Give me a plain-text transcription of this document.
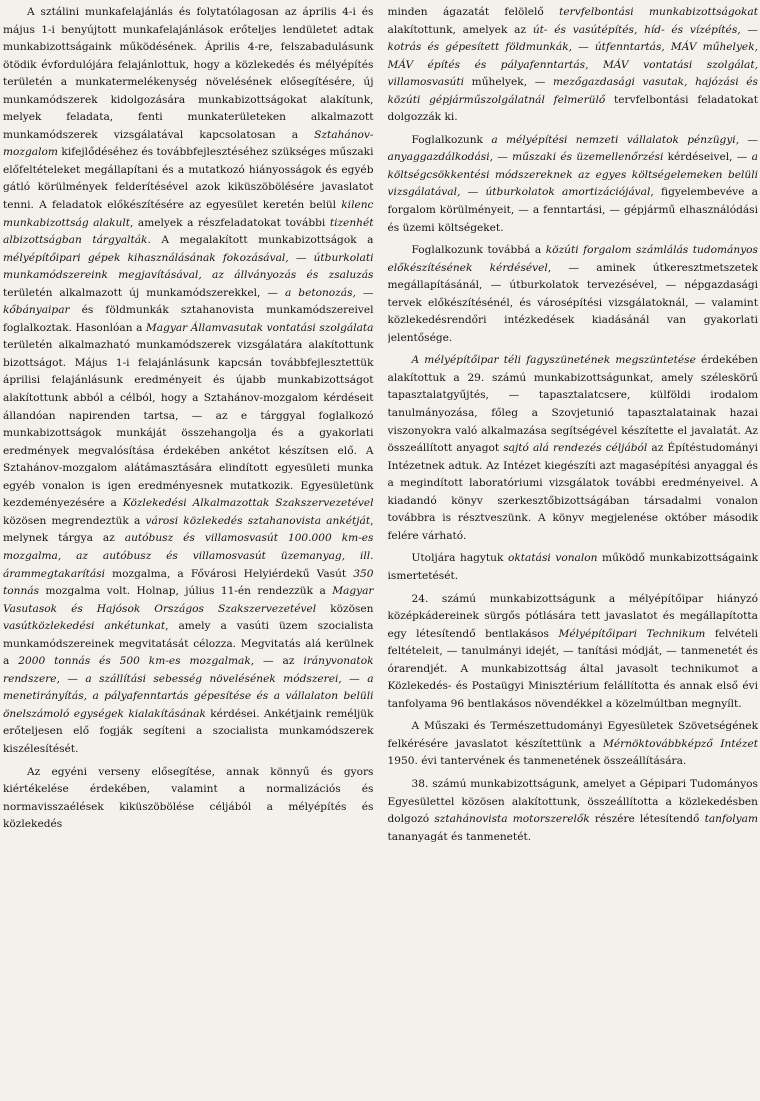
A sztálini munkafelajánlás és folytatólagosan az április 4-i és május 1-i benyújtott munkafelajánlások erőteljes lendületet adtak munkabizottságaink működésének. Április 4-re, felszabadulásunk ötödik évfordulójára felajánlottuk, hogy a közlekedés és mélyépítés területén a munkatermelékenység növelésének elősegítésére, új munkamódszerek kidolgozására munkabizottságokat alakítunk, melyek feladata, fenti munkaterületeken alkalmazott munkamódszerek vizsgálatával kapcsolatosan a Sztahánov-mozgalom kifejlődéséhez és továbbfejlesztéséhez szükséges műszaki előfeltételeket megállapítani és a mutatkozó hiányosságok és egyéb gátló körülmények felderítésével azok kiküszöbölésére javaslatot tenni. A feladatok előkészítésére az egyesület keretén belül kilenc munkabizottság alakult, amelyek a részfeladatokat további tizenhét albizottságban tárgyalták. A megalakított munkabizottságok a mélyépítőipari gépek kihasználásának fokozásával, — útburkolati munkamódszereink megjavításával, az állványozás és zsaluzás területén alkalmazott új munkamódszerekkel, — a betonozás, — kőbányaipar és földmunkák sztahanovista munkamódszereivel foglalkoztak. Hasonlóan a Magyar Államvasutak vontatási szolgálata területén alkalmazható munkamódszerek vizsgálatára alakítottunk bizottságot. Május 1-i felajánlásunk kapcsán továbbfejlesztettük áprilisi felajánlásunk eredményeit és újabb munkabizottságot alakítottunk abból a célból, hogy a Sztahánov-mozgalom kérdéseit állandóan napirenden tartsa, — az e tárggyal foglalkozó munkabizottságok munkáját összehangolja és a gyakorlati eredmények megvalósítása érdekében ankétot készítsen elő. A Sztahánov-mozgalom alátámasztására elindított egyesületi munka egyéb vonalon is igen eredményesnek mutatkozik. Egyesületünk kezdeményezésére a Közlekedési Alkalmazottak Szakszervezetével közösen megrendeztük a városi közlekedés sztahanovista ankétját, melynek tárgya az autóbusz és villamosvasút 100.000 km-es mozgalma, az autóbusz és villamosvasút üzemanyag, ill. árammegtakarítási mozgalma, a Fővárosi Helyiérdekű Vasút 350 tonnás mozgalma volt. Holnap, július 11-én rendezzük a Magyar Vasutasok és Hajósok Országos Szakszervezetével közösen vasútközlekedési ankétunkat, amely a vasúti üzem szocialista munkamódszereinek megvitatását célozza. Megvitatás alá kerülnek a 2000 tonnás és 500 km-es mozgalmak, — az irányvonatok rendszere, — a szállítási sebesség növelésének módszerei, — a menetirányítás, a pályafenntartás gépesítése és a vállalaton belüli önelszámoló egységek kialakításának kérdései. Ankétjaink reméljük erőteljesen elő fogják segíteni a szocialista munkamódszerek kiszélesítését.

Az egyéni verseny elősegítése, annak könnyű és gyors kiértékelése érdekében, valamint a normalizációs és normavisszaélések kiküszöbölése céljából a mélyépítés és közlekedés

minden ágazatát felölelő tervfelbontási munkabizottságokat alakítottunk, amelyek az út- és vasútépítés, híd- és vízépítés, — kotrás és gépesített földmunkák, — útfenntartás, MÁV műhelyek, MÁV építés és pályafenntartás, MÁV vontatási szolgálat, villamosvasúti műhelyek, — mezőgazdasági vasutak, hajózási és közúti gépjárműszolgálatnál felmerülő tervfelbontási feladatokat dolgozzák ki.

Foglalkozunk a mélyépítési nemzeti vállalatok pénzügyi, — anyaggazdálkodási, — műszaki és üzemellenőrzési kérdéseivel, — a költségcsökkentési módszereknek az egyes költségelemeken belüli vizsgálatával, — útburkolatok amortizációjával, figyelembevéve a forgalom körülményeit, — a fenntartási, — gépjármű elhasználódási és üzemi költségeket.

Foglalkozunk továbbá a közúti forgalom számlálás tudományos előkészítésének kérdésével, — aminek útkeresztmetszetek megállapításánál, — útburkolatok tervezésével, — népgazdasági tervek előkészítésénél, és városépítési vizsgálatoknál, — valamint közlekedésrendőri intézkedések kiadásánál van gyakorlati jelentősége.

A mélyépítőipar téli fagyszünetének megszüntetése érdekében alakítottuk a 29. számú munkabizottságunkat, amely széleskörű tapasztalatgyűjtés, — tapasztalatcsere, külföldi irodalom tanulmányozása, főleg a Szovjetunió tapasztalatainak hazai viszonyokra való alkalmazása segítségével készítette el javalatát. Az összeállított anyagot sajtó alá rendezés céljából az Építéstudományi Intézetnek adtuk. Az Intézet kiegészíti azt magasépítési anyaggal és a megindított laboratóriumi vizsgálatok további eredményeivel. A kiadandó könyv szerkesztőbizottságában társadalmi vonalon továbbra is résztveszünk. A könyv megjelenése október második felére várható.

Utoljára hagytuk oktatási vonalon működő munkabizottságaink ismertetését.

24. számú munkabizottságunk a mélyépítőipar hiányzó középkádereinek sürgős pótlására tett javaslatot és megállapította egy létesítendő bentlakásos Mélyépítőipari Technikum felvételi feltételeit, — tanulmányi idejét, — tanítási módját, — tanmenetét és órarendjét. A munkabizottság által javasolt technikumot a Közlekedés- és Postaügyi Minisztérium felállította és annak első évi tanfolyama 96 bentlakásos növendékkel a közelmúltban megnyílt.

A Műszaki és Természettudományi Egyesületek Szövetségének felkérésére javaslatot készítettünk a Mérnöktovábbképző Intézet 1950. évi tantervének és tanmenetének összeállítására.

38. számú munkabizottságunk, amelyet a Gépipari Tudományos Egyesülettel közösen alakítottunk, összeállította a közlekedésben dolgozó sztahánovista motorszerelők részére létesítendő tanfolyam tananyagát és tanmenetét.
